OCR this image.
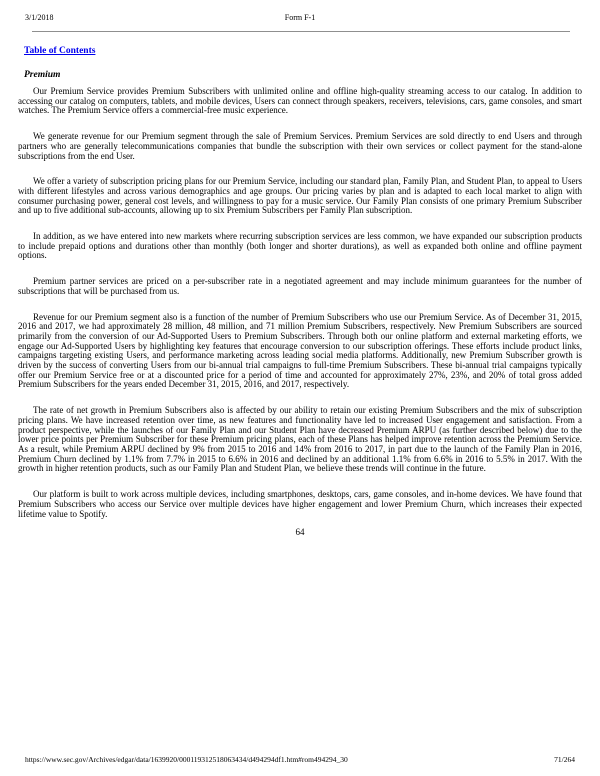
3/1/2018	Form F-1
Table of Contents
Premium

Our Premium Service provides Premium Subscribers with unlimited online and offline high-quality streaming access to our catalog. In addition to accessing our catalog on computers, tablets, and mobile devices, Users can connect through speakers, receivers, televisions, cars, game consoles, and smart watches. The Premium Service offers a commercial-free music experience.

We generate revenue for our Premium segment through the sale of Premium Services. Premium Services are sold directly to end Users and through partners who are generally telecommunications companies that bundle the subscription with their own services or collect payment for the stand-alone subscriptions from the end User.

We offer a variety of subscription pricing plans for our Premium Service, including our standard plan, Family Plan, and Student Plan, to appeal to Users with different lifestyles and across various demographics and age groups. Our pricing varies by plan and is adapted to each local market to align with consumer purchasing power, general cost levels, and willingness to pay for a music service. Our Family Plan consists of one primary Premium Subscriber and up to five additional sub-accounts, allowing up to six Premium Subscribers per Family Plan subscription.

In addition, as we have entered into new markets where recurring subscription services are less common, we have expanded our subscription products to include prepaid options and durations other than monthly (both longer and shorter durations), as well as expanded both online and offline payment options.

Premium partner services are priced on a per-subscriber rate in a negotiated agreement and may include minimum guarantees for the number of subscriptions that will be purchased from us.

Revenue for our Premium segment also is a function of the number of Premium Subscribers who use our Premium Service. As of December 31, 2015, 2016 and 2017, we had approximately 28 million, 48 million, and 71 million Premium Subscribers, respectively. New Premium Subscribers are sourced primarily from the conversion of our Ad-Supported Users to Premium Subscribers. Through both our online platform and external marketing efforts, we engage our Ad-Supported Users by highlighting key features that encourage conversion to our subscription offerings. These efforts include product links, campaigns targeting existing Users, and performance marketing across leading social media platforms. Additionally, new Premium Subscriber growth is driven by the success of converting Users from our bi-annual trial campaigns to full-time Premium Subscribers. These bi-annual trial campaigns typically offer our Premium Service free or at a discounted price for a period of time and accounted for approximately 27%, 23%, and 20% of total gross added Premium Subscribers for the years ended December 31, 2015, 2016, and 2017, respectively.

The rate of net growth in Premium Subscribers also is affected by our ability to retain our existing Premium Subscribers and the mix of subscription pricing plans. We have increased retention over time, as new features and functionality have led to increased User engagement and satisfaction. From a product perspective, while the launches of our Family Plan and our Student Plan have decreased Premium ARPU (as further described below) due to the lower price points per Premium Subscriber for these Premium pricing plans, each of these Plans has helped improve retention across the Premium Service. As a result, while Premium ARPU declined by 9% from 2015 to 2016 and 14% from 2016 to 2017, in part due to the launch of the Family Plan in 2016, Premium Churn declined by 1.1% from 7.7% in 2015 to 6.6% in 2016 and declined by an additional 1.1% from 6.6% in 2016 to 5.5% in 2017. With the growth in higher retention products, such as our Family Plan and Student Plan, we believe these trends will continue in the future.

Our platform is built to work across multiple devices, including smartphones, desktops, cars, game consoles, and in-home devices. We have found that Premium Subscribers who access our Service over multiple devices have higher engagement and lower Premium Churn, which increases their expected lifetime value to Spotify.

64
https://www.sec.gov/Archives/edgar/data/1639920/000119312518063434/d494294df1.htm#rom494294_30	71/264
